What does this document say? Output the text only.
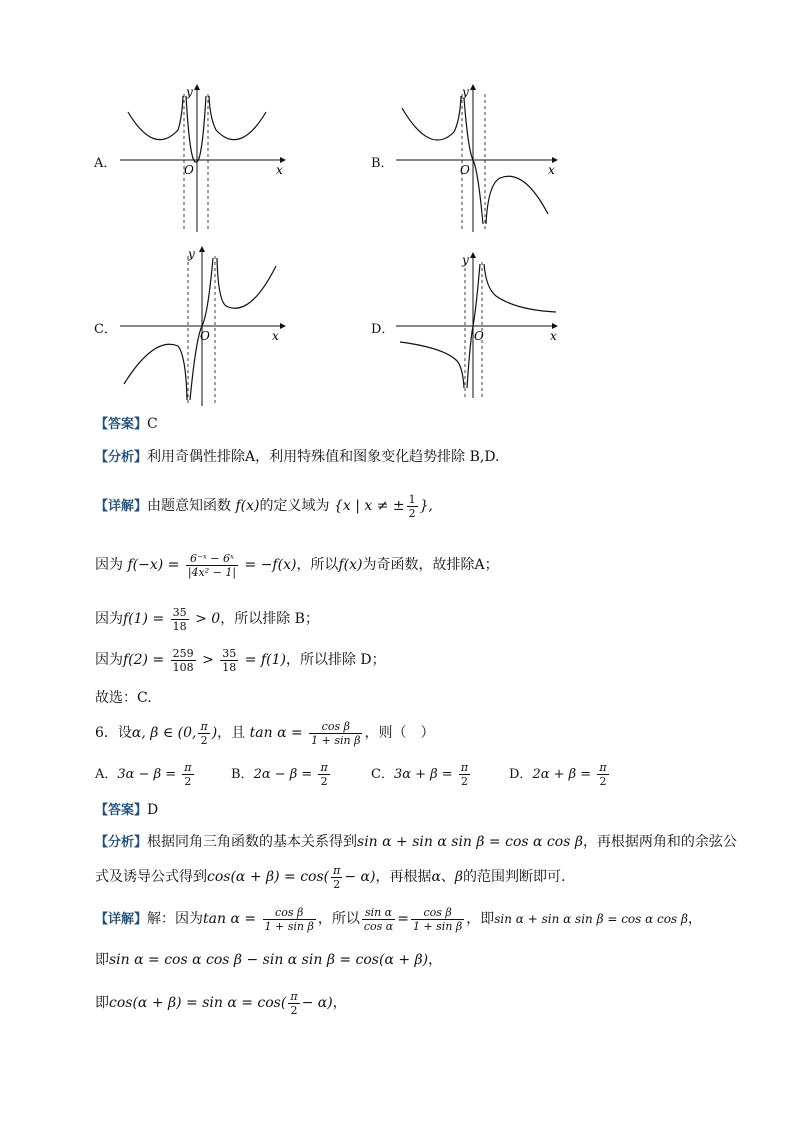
A．	x
y
O	B．	x
y
O
C．	x
y
O	D．	x
y
O
【答案】C
【分析】利用奇偶性排除A，利用特殊值和图象变化趋势排除 B,D.
【详解】由题意知函数 f(x)的定义域为 {x | x ≠ ± $\frac{1}{2}$ },
因为 $f(-x) = \frac{\text{6⁻ˣ − 6ˣ}}{\text{|4x² − 1|}} = -f(x)$，所以f(x)为奇函数，故排除A；
因为$f(1) = \frac{35}{18} > 0$，所以排除 B；
因为$f(2) = \frac{259}{108} > \frac{35}{18} = f(1)$，所以排除 D；
故选：C.
6．设α, β ∈ (0, $\frac{\pi}{2}$ )，且 $\tan \alpha = \frac{\text{cos β}}{\text{1 + sin β}}$ ，则（　）
A．$3\alpha - \beta = \frac{\pi}{2}$	B．$2\alpha - \beta = \frac{\pi}{2}$	C．$3\alpha + \beta = \frac{\pi}{2}$	D．$2\alpha + \beta = \frac{\pi}{2}$
【答案】D
【分析】根据同角三角函数的基本关系得到sin α + sin α sin β = cos α cos β，再根据两角和的余弦公
式及诱导公式得到$\cos(\alpha + \beta) = \cos( \frac{\pi}{2} - \alpha)$，再根据α、β的范围判断即可.
【详解】解：因为$\tan \alpha = \frac{\text{cos β}}{\text{1 + sin β}}$ ，所以 $\frac{\text{sin α}}{\text{cos α}} = \frac{\text{cos β}}{\text{1 + sin β}}$ ，即sin α + sin α sin β = cos α cos β，
即sin α = cos α cos β − sin α sin β = cos(α + β)，
即$\cos(\alpha + \beta) = \sin \alpha = \cos( \frac{\pi}{2} - \alpha)$，
